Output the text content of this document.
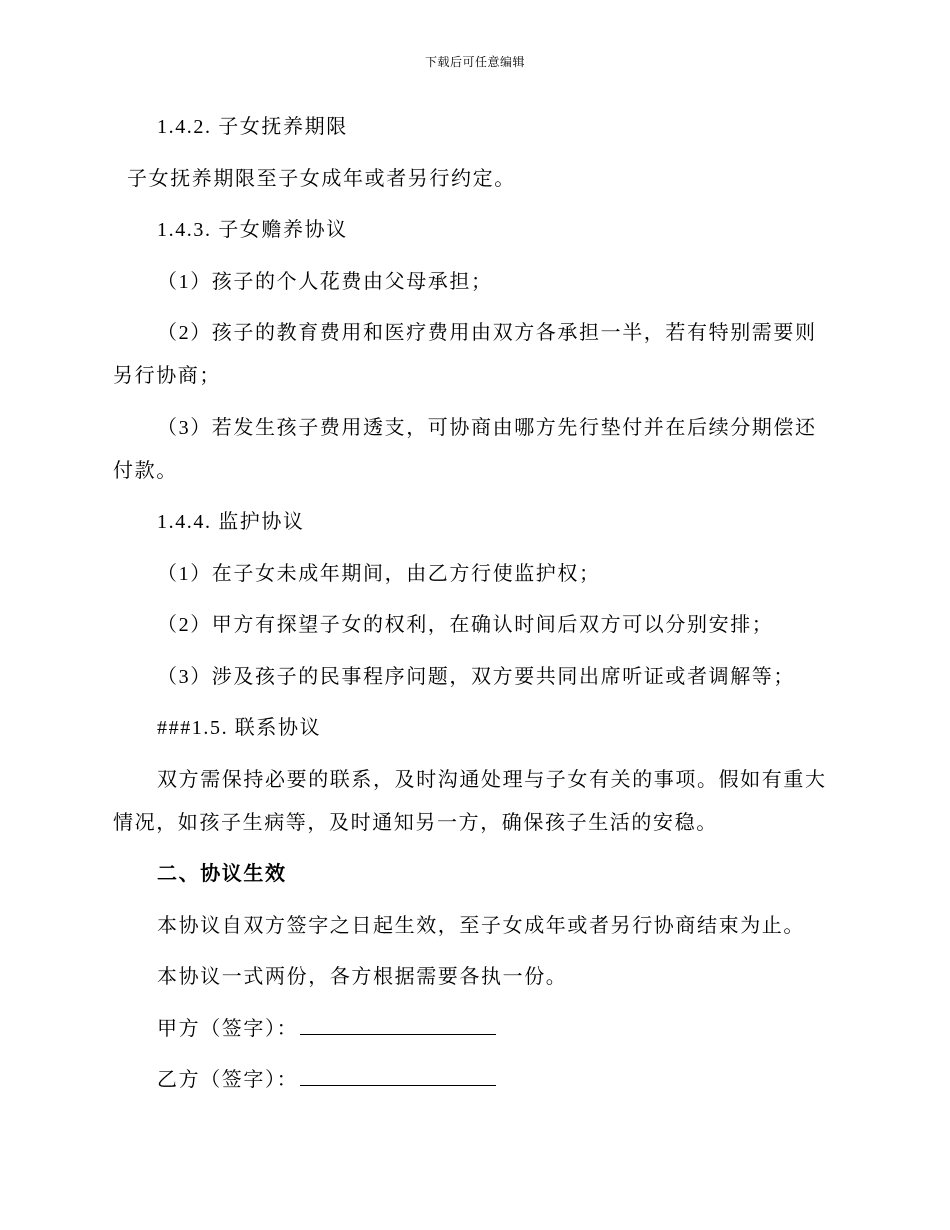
下载后可任意编辑

1.4.2. 子女抚养期限

子女抚养期限至子女成年或者另行约定。

1.4.3. 子女赡养协议

（1）孩子的个人花费由父母承担；

（2）孩子的教育费用和医疗费用由双方各承担一半，若有特别需要则另行协商；

（3）若发生孩子费用透支，可协商由哪方先行垫付并在后续分期偿还付款。

1.4.4. 监护协议

（1）在子女未成年期间，由乙方行使监护权；

（2）甲方有探望子女的权利，在确认时间后双方可以分别安排；

（3）涉及孩子的民事程序问题，双方要共同出席听证或者调解等；

###1.5. 联系协议

双方需保持必要的联系，及时沟通处理与子女有关的事项。假如有重大情况，如孩子生病等，及时通知另一方，确保孩子生活的安稳。

二、协议生效

本协议自双方签字之日起生效，至子女成年或者另行协商结束为止。

本协议一式两份，各方根据需要各执一份。

甲方（签字）：

乙方（签字）：
